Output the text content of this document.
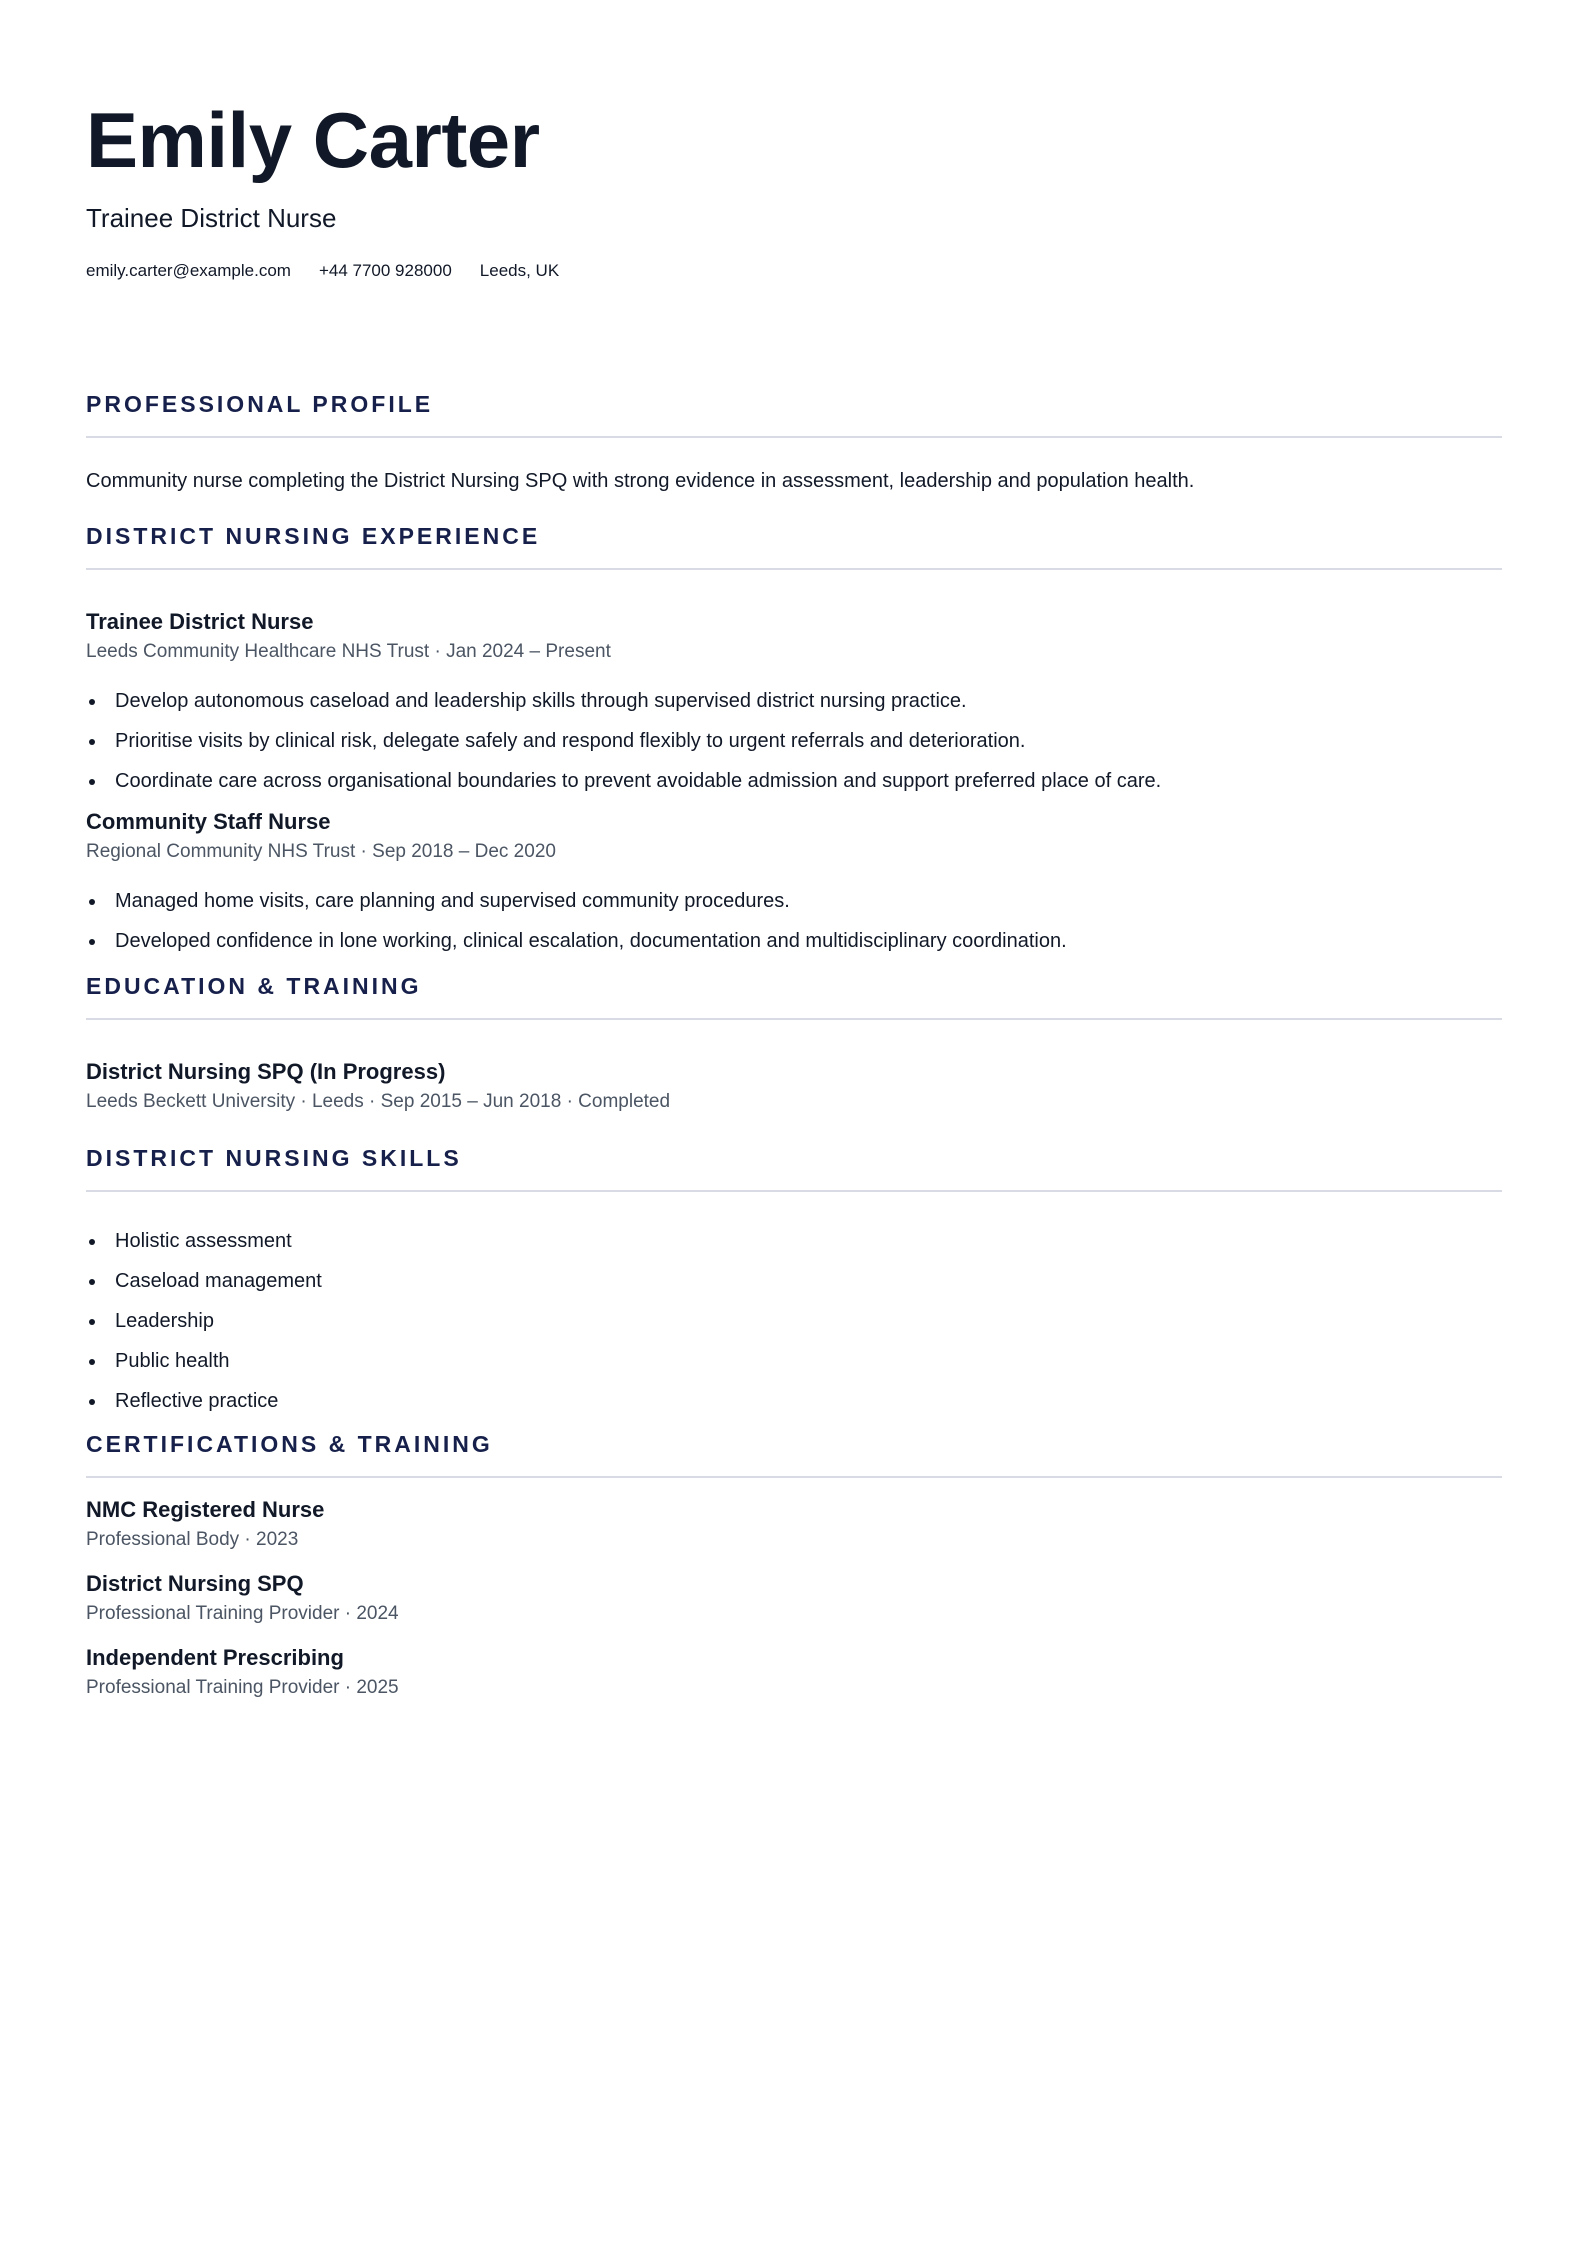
Emily Carter
Trainee District Nurse
emily.carter@example.com +44 7700 928000 Leeds, UK
PROFESSIONAL PROFILE

Community nurse completing the District Nursing SPQ with strong evidence in assessment, leadership and population health.

DISTRICT NURSING EXPERIENCE
Trainee District Nurse
Leeds Community Healthcare NHS Trust · Jan 2024 – Present
Develop autonomous caseload and leadership skills through supervised district nursing practice.
Prioritise visits by clinical risk, delegate safely and respond flexibly to urgent referrals and deterioration.
Coordinate care across organisational boundaries to prevent avoidable admission and support preferred place of care.
Community Staff Nurse
Regional Community NHS Trust · Sep 2018 – Dec 2020
Managed home visits, care planning and supervised community procedures.
Developed confidence in lone working, clinical escalation, documentation and multidisciplinary coordination.
EDUCATION & TRAINING
District Nursing SPQ (In Progress)
Leeds Beckett University · Leeds · Sep 2015 – Jun 2018 · Completed
DISTRICT NURSING SKILLS
Holistic assessment
Caseload management
Leadership
Public health
Reflective practice
CERTIFICATIONS & TRAINING
NMC Registered Nurse
Professional Body · 2023
District Nursing SPQ
Professional Training Provider · 2024
Independent Prescribing
Professional Training Provider · 2025
